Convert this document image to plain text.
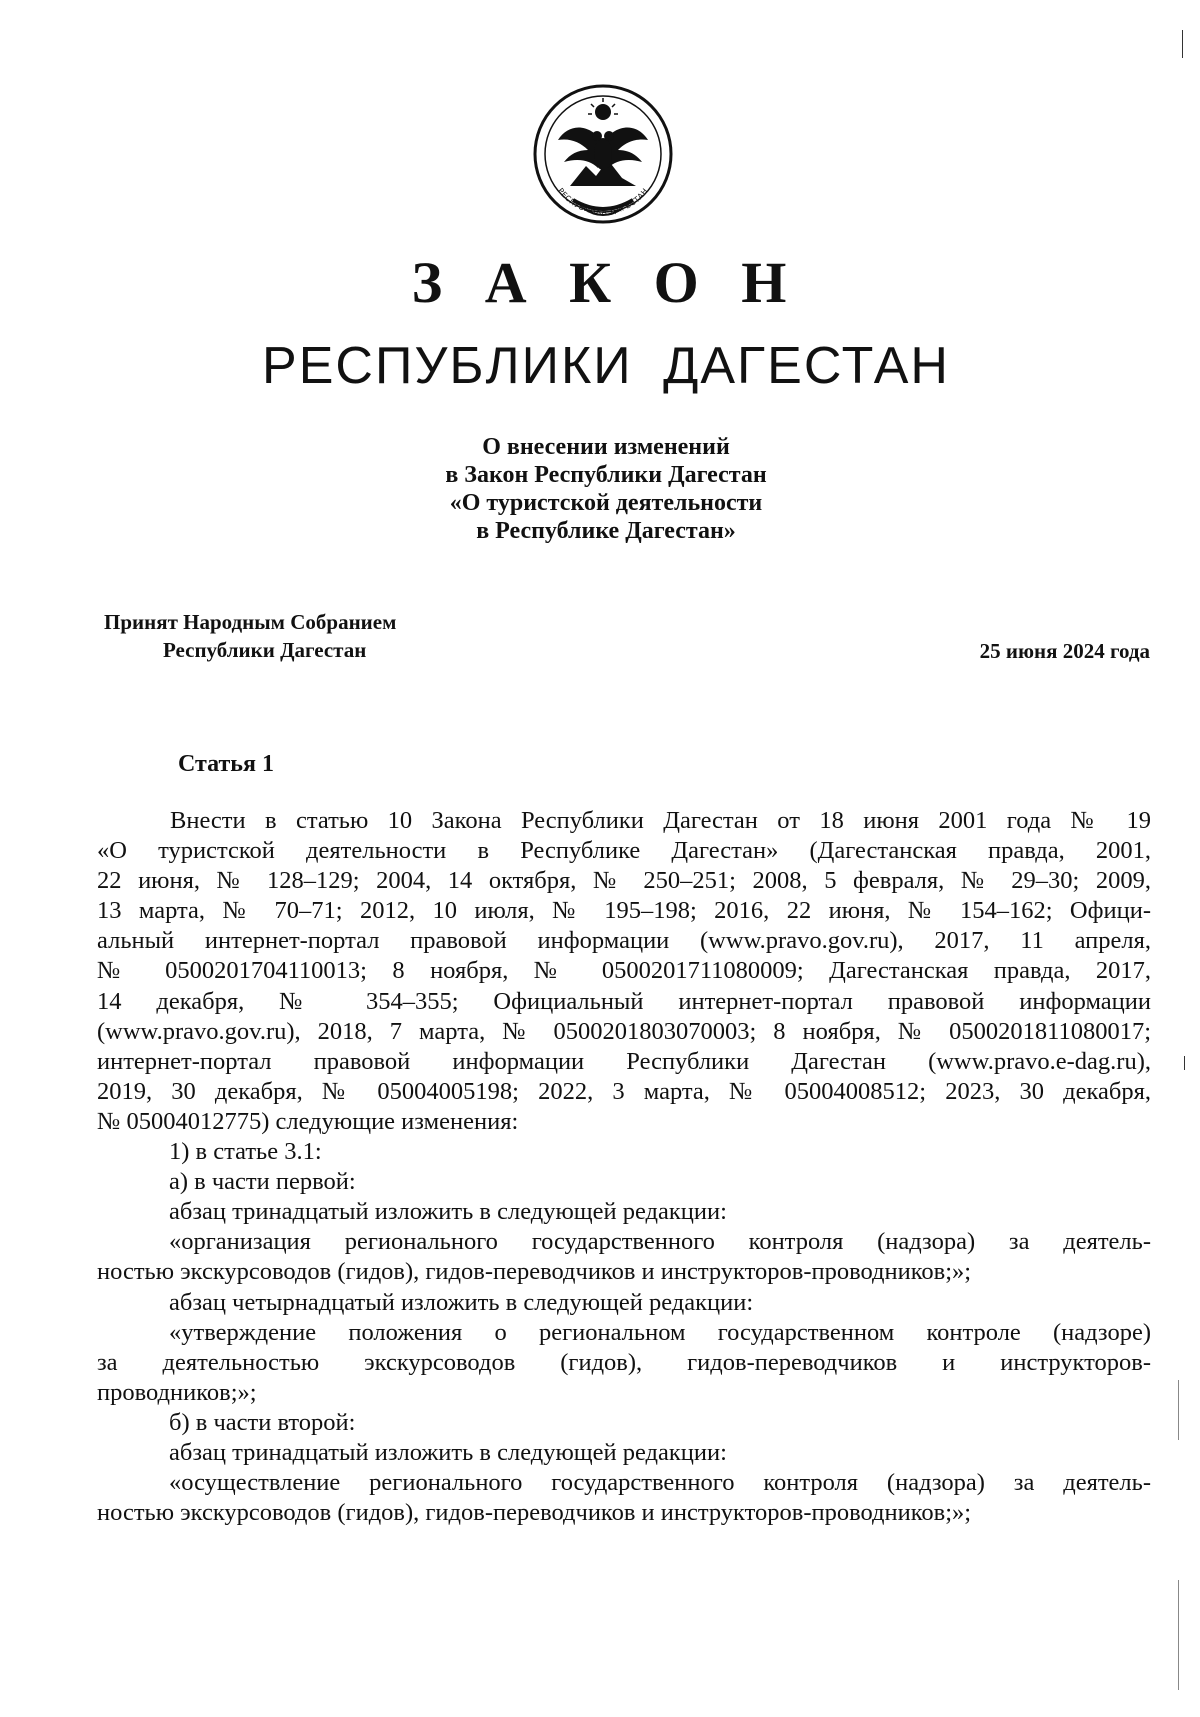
РЕСПУБЛИКА ДАГЕСТАН
З А К О Н
РЕСПУБЛИКИ ДАГЕСТАН
О внесении изменений
в Закон Республики Дагестан
«О туристской деятельности
в Республике Дагестан»
Принят Народным Собранием
Республики Дагестан	25 июня 2024 года
Статья 1
Внести в статью 10 Закона Республики Дагестан от 18 июня 2001 года № 19
«О туристской деятельности в Республике Дагестан» (Дагестанская правда, 2001,
22 июня, № 128–129; 2004, 14 октября, № 250–251; 2008, 5 февраля, № 29–30; 2009,
13 марта, № 70–71; 2012, 10 июля, № 195–198; 2016, 22 июня, № 154–162; Офици-
альный интернет-портал правовой информации (www.pravo.gov.ru), 2017, 11 апреля,
№ 0500201704110013; 8 ноября, № 0500201711080009; Дагестанская правда, 2017,
14 декабря, № 354–355; Официальный интернет-портал правовой информации
(www.pravo.gov.ru), 2018, 7 марта, № 0500201803070003; 8 ноября, № 0500201811080017;
интернет-портал правовой информации Республики Дагестан (www.pravo.e-dag.ru),
2019, 30 декабря, № 05004005198; 2022, 3 марта, № 05004008512; 2023, 30 декабря,
№ 05004012775) следующие изменения:
1) в статье 3.1:
а) в части первой:
абзац тринадцатый изложить в следующей редакции:
«организация регионального государственного контроля (надзора) за деятель-
ностью экскурсоводов (гидов), гидов-переводчиков и инструкторов-проводников;»;
абзац четырнадцатый изложить в следующей редакции:
«утверждение положения о региональном государственном контроле (надзоре)
за деятельностью экскурсоводов (гидов), гидов-переводчиков и инструкторов-
проводников;»;
б) в части второй:
абзац тринадцатый изложить в следующей редакции:
«осуществление регионального государственного контроля (надзора) за деятель-
ностью экскурсоводов (гидов), гидов-переводчиков и инструкторов-проводников;»;
